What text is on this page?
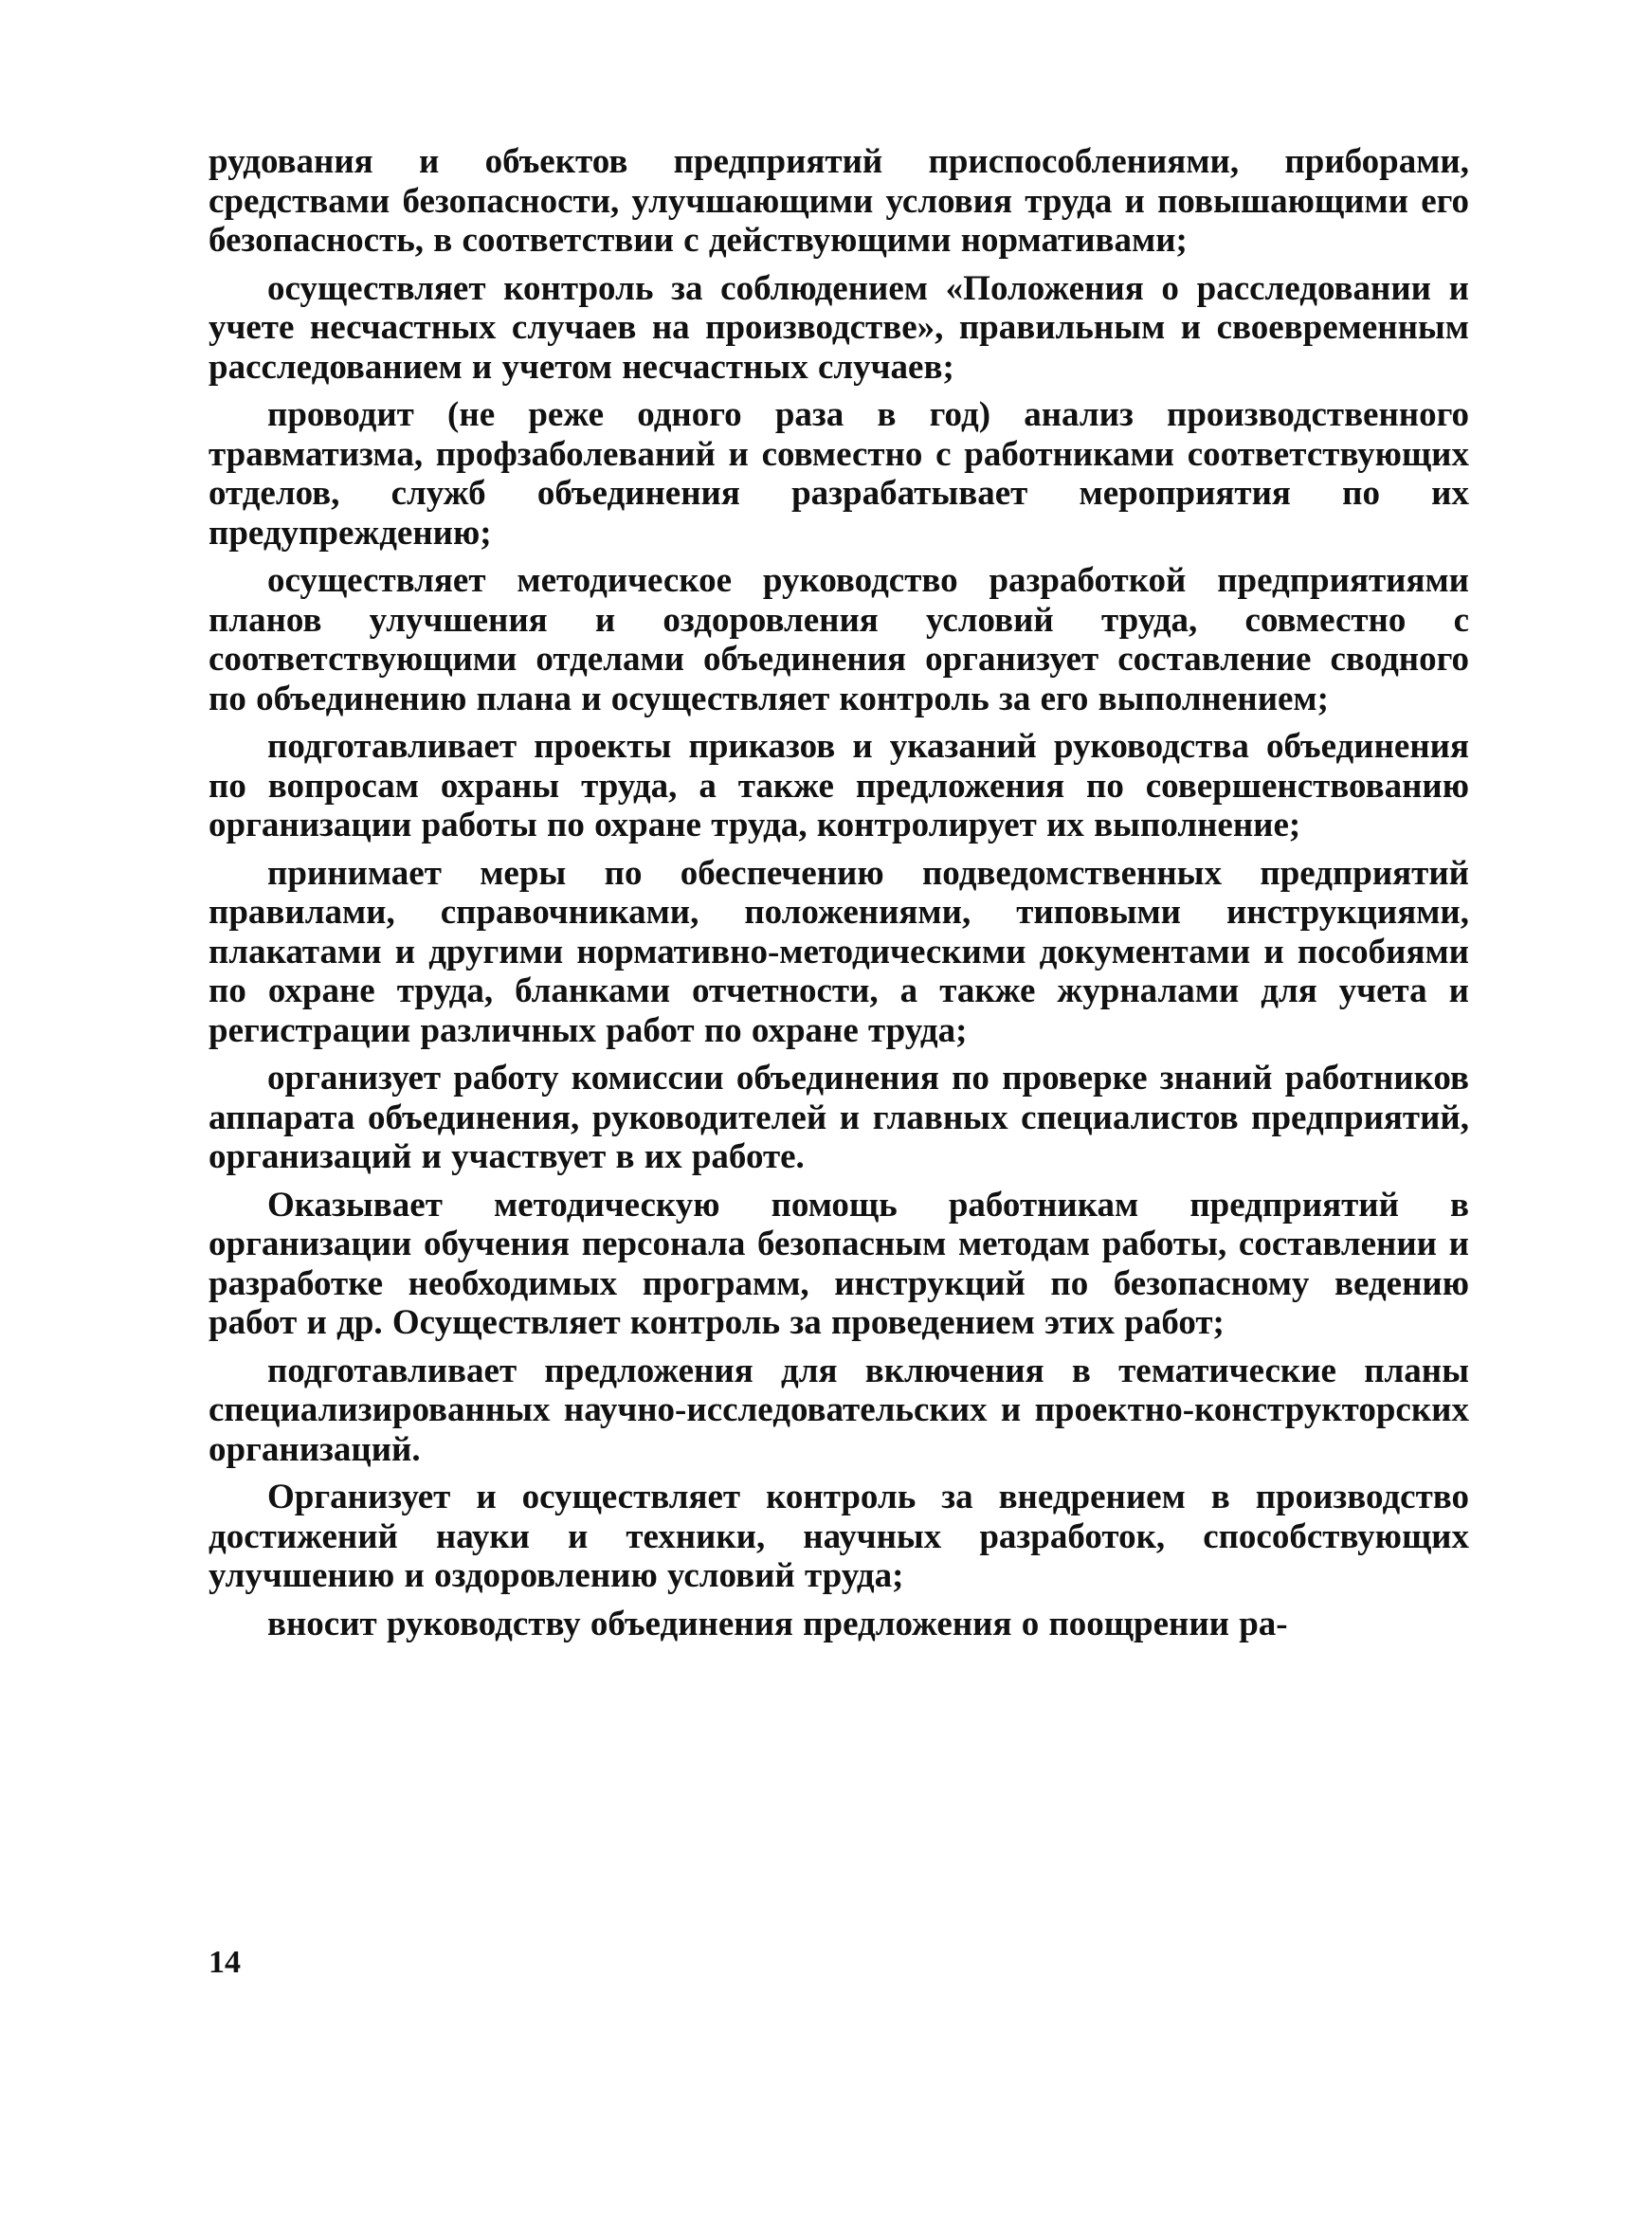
рудования и объектов предприятий приспособлениями, приборами, средствами безопасности, улучшающими условия труда и повышающими его безопасность, в соответствии с действующими нормативами;

осуществляет контроль за соблюдением «Положения о расследовании и учете несчастных случаев на производстве», правильным и своевременным расследованием и учетом несчастных случаев;

проводит (не реже одного раза в год) анализ производственного травматизма, профзаболеваний и совместно с работниками соответствующих отделов, служб объединения разрабатывает мероприятия по их предупреждению;

осуществляет методическое руководство разработкой предприятиями планов улучшения и оздоровления условий труда, совместно с соответствующими отделами объединения организует составление сводного по объединению плана и осуществляет контроль за его выполнением;

подготавливает проекты приказов и указаний руководства объединения по вопросам охраны труда, а также предложения по совершенствованию организации работы по охране труда, контролирует их выполнение;

принимает меры по обеспечению подведомственных предприятий правилами, справочниками, положениями, типовыми инструкциями, плакатами и другими нормативно-методическими документами и пособиями по охране труда, бланками отчетности, а также журналами для учета и регистрации различных работ по охране труда;

организует работу комиссии объединения по проверке знаний работников аппарата объединения, руководителей и главных специалистов предприятий, организаций и участвует в их работе.

Оказывает методическую помощь работникам предприятий в организации обучения персонала безопасным методам работы, составлении и разработке необходимых программ, инструкций по безопасному ведению работ и др. Осуществляет контроль за проведением этих работ;

подготавливает предложения для включения в тематические планы специализированных научно-исследовательских и проектно-конструкторских организаций.

Организует и осуществляет контроль за внедрением в производство достижений науки и техники, научных разработок, способствующих улучшению и оздоровлению условий труда;

вносит руководству объединения предложения о поощрении ра-

14
